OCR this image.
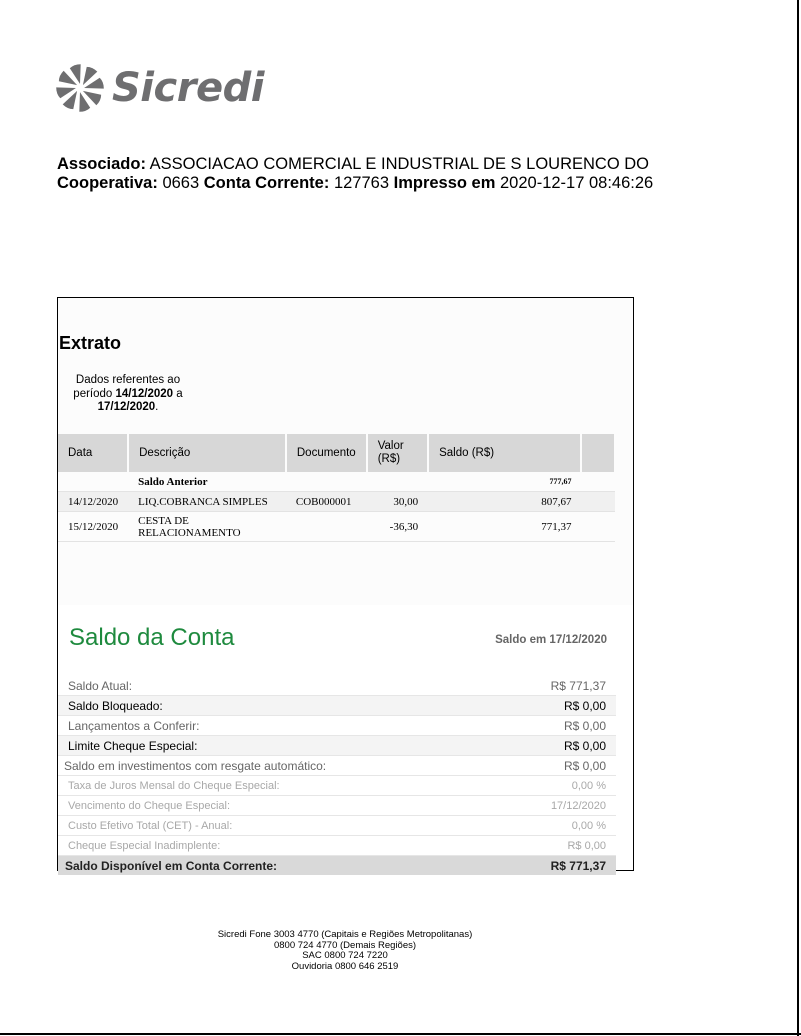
Sicredi
Associado: ASSOCIACAO COMERCIAL E INDUSTRIAL DE S LOURENCO DO
Cooperativa: 0663 Conta Corrente: 127763 Impresso em 2020-12-17 08:46:26
Extrato
Dados referentes ao
período 14/12/2020 a
17/12/2020.
Data	Descrição	Documento	Valor (R$)	Saldo (R$)	
	Saldo Anterior			777,67	
14/12/2020	LIQ.COBRANCA SIMPLES	COB000001	30,00	807,67	
15/12/2020	CESTA DE RELACIONAMENTO		-36,30	771,37	
Saldo da Conta	Saldo em 17/12/2020
Saldo Atual:	R$ 771,37
Saldo Bloqueado:	R$ 0,00
Lançamentos a Conferir:	R$ 0,00
Limite Cheque Especial:	R$ 0,00
Saldo em investimentos com resgate automático:	R$ 0,00
Taxa de Juros Mensal do Cheque Especial:	0,00 %
Vencimento do Cheque Especial:	17/12/2020
Custo Efetivo Total (CET) - Anual:	0,00 %
Cheque Especial Inadimplente:	R$ 0,00
Saldo Disponível em Conta Corrente:	R$ 771,37
Sicredi Fone 3003 4770 (Capitais e Regiões Metropolitanas)
0800 724 4770 (Demais Regiões)
SAC 0800 724 7220
Ouvidoria 0800 646 2519
